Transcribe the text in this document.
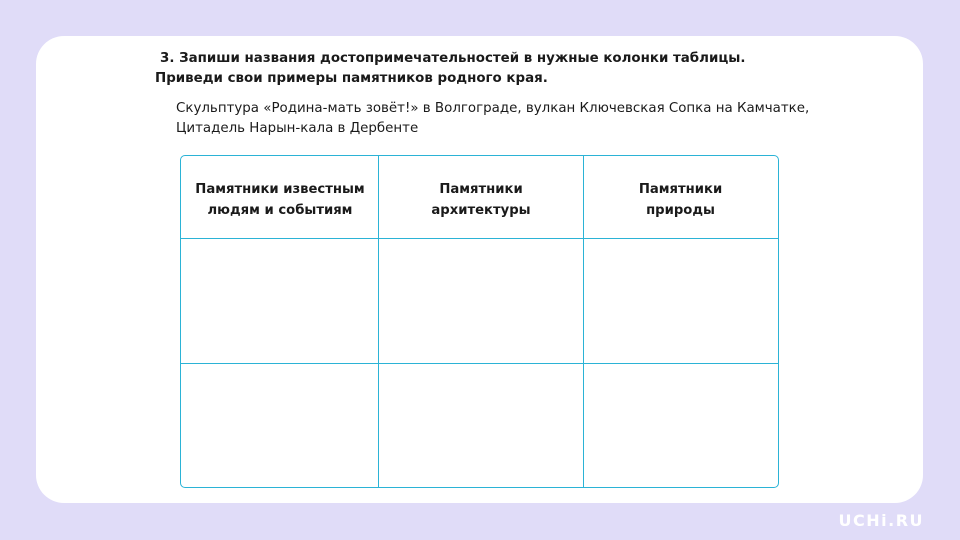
3. Запиши названия достопримечательностей в нужные колонки таблицы.
Приведи свои примеры памятников родного края.
Скульптура «Родина-мать зовёт!» в Волгограде, вулкан Ключевская Сопка на Камчатке,
Цитадель Нарын-кала в Дербенте
Памятники известным
людям и событиям
Памятники
архитектуры
Памятники
природы
UCHi.RU
